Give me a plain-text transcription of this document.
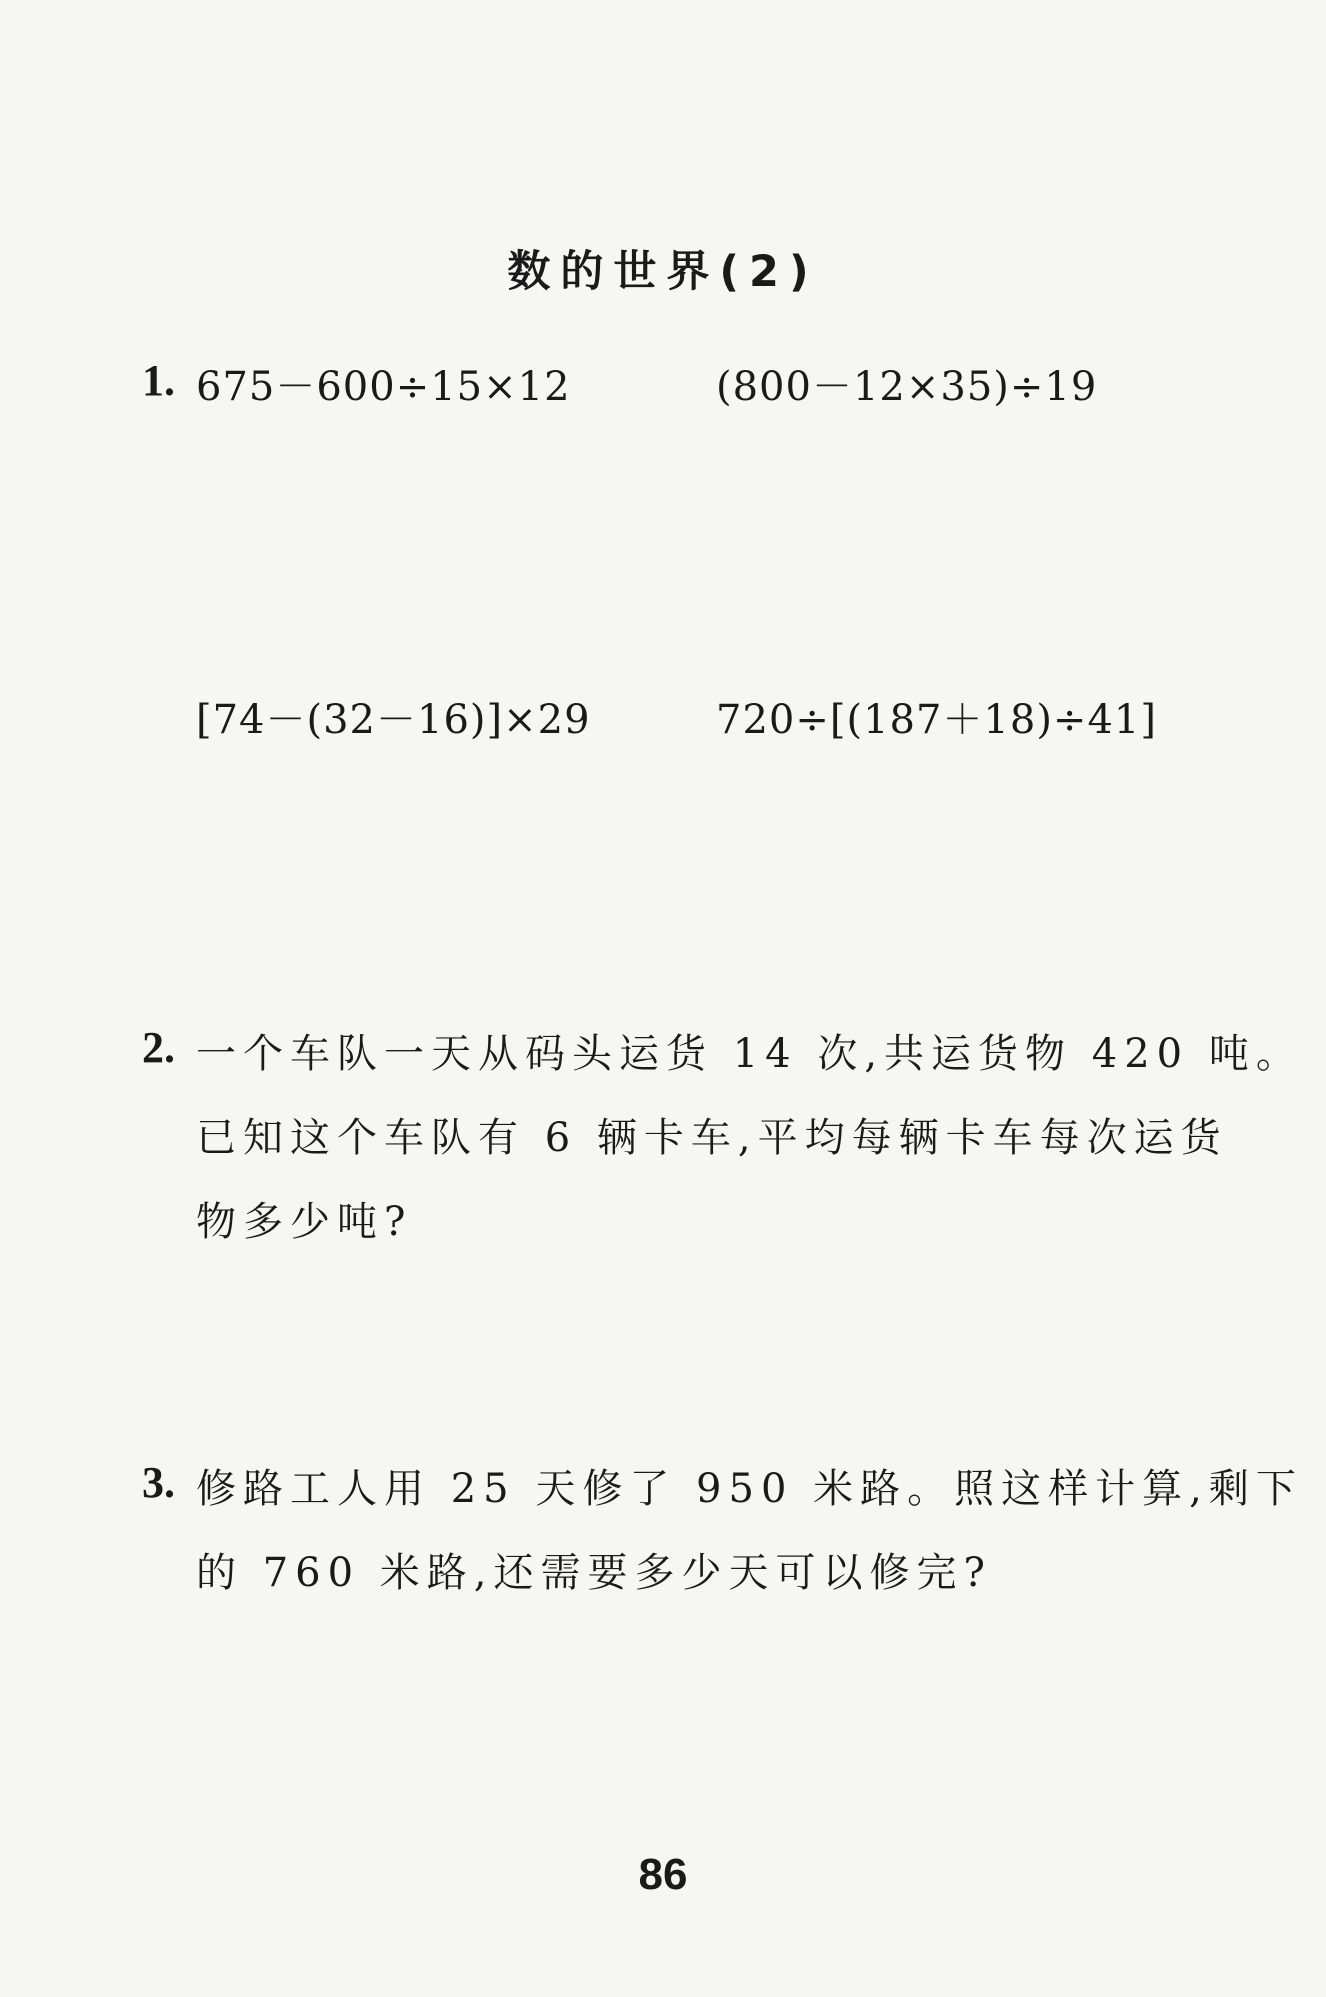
数的世界(2)
1. 675－600÷15×12	(800－12×35)÷19
[74－(32－16)]×29	720÷[(187＋18)÷41]
2. 一个车队一天从码头运货 14 次,共运货物 420 吨。
已知这个车队有 6 辆卡车,平均每辆卡车每次运货
物多少吨?
3. 修路工人用 25 天修了 950 米路。照这样计算,剩下
的 760 米路,还需要多少天可以修完?
86
